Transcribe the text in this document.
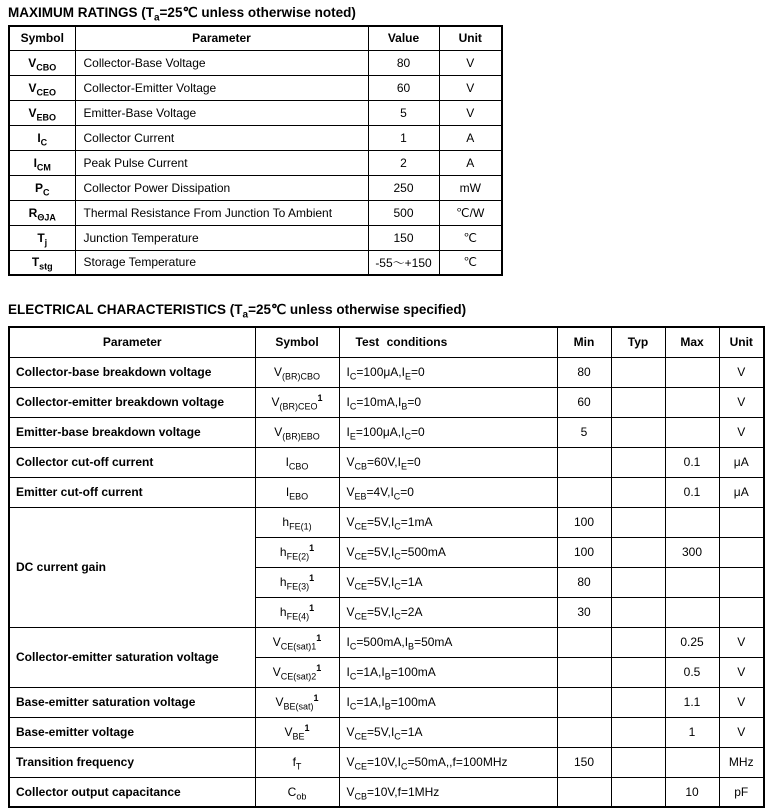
MAXIMUM RATINGS ($T_a=25℃$ unless otherwise noted)
Symbol	Parameter	Value	Unit
$V_{CBO}$	Collector-Base Voltage	80	V
$V_{CEO}$	Collector-Emitter Voltage	60	V
$V_{EBO}$	Emitter-Base Voltage	5	V
$I_C$	Collector Current	1	A
$I_{CM}$	Peak Pulse Current	2	A
$P_C$	Collector Power Dissipation	250	mW
$R_{\Theta JA}$	Thermal Resistance From Junction To Ambient	500	℃/W
$T_j$	Junction Temperature	150	℃
$T_{stg}$	Storage Temperature	-55～+150	℃
ELECTRICAL CHARACTERISTICS ($T_a=25℃$ unless otherwise specified)
Parameter	Symbol	Test conditions	Min	Typ	Max	Unit
Collector-base breakdown voltage	$V_{(BR)CBO}$	$I_C=100\mu A,I_E=0$	80			V
Collector-emitter breakdown voltage	$V_{(BR)CEO}^1$	$I_C=10mA,I_B=0$	60			V
Emitter-base breakdown voltage	$V_{(BR)EBO}$	$I_E=100\mu A,I_C=0$	5			V
Collector cut-off current	$I_{CBO}$	$V_{CB}=60V,I_E=0$			0.1	μA
Emitter cut-off current	$I_{EBO}$	$V_{EB}=4V,I_C=0$			0.1	μA
DC current gain	$h_{FE(1)}$	$V_{CE}=5V,I_C=1mA$	100			
	$h_{FE(2)}^1$	$V_{CE}=5V,I_C=500mA$	100		300	
	$h_{FE(3)}^1$	$V_{CE}=5V,I_C=1A$	80			
	$h_{FE(4)}^1$	$V_{CE}=5V,I_C=2A$	30			
Collector-emitter saturation voltage	$V_{CE(sat)1}^1$	$I_C=500mA,I_B=50mA$			0.25	V
	$V_{CE(sat)2}^1$	$I_C=1A,I_B=100mA$			0.5	V
Base-emitter saturation voltage	$V_{BE(sat)}^1$	$I_C=1A,I_B=100mA$			1.1	V
Base-emitter voltage	$V_{BE}^1$	$V_{CE}=5V,I_C=1A$			1	V
Transition frequency	$f_T$	$V_{CE}=10V,I_C=50mA,,f=100MHz$	150			MHz
Collector output capacitance	$C_{ob}$	$V_{CB}=10V,f=1MHz$			10	pF
